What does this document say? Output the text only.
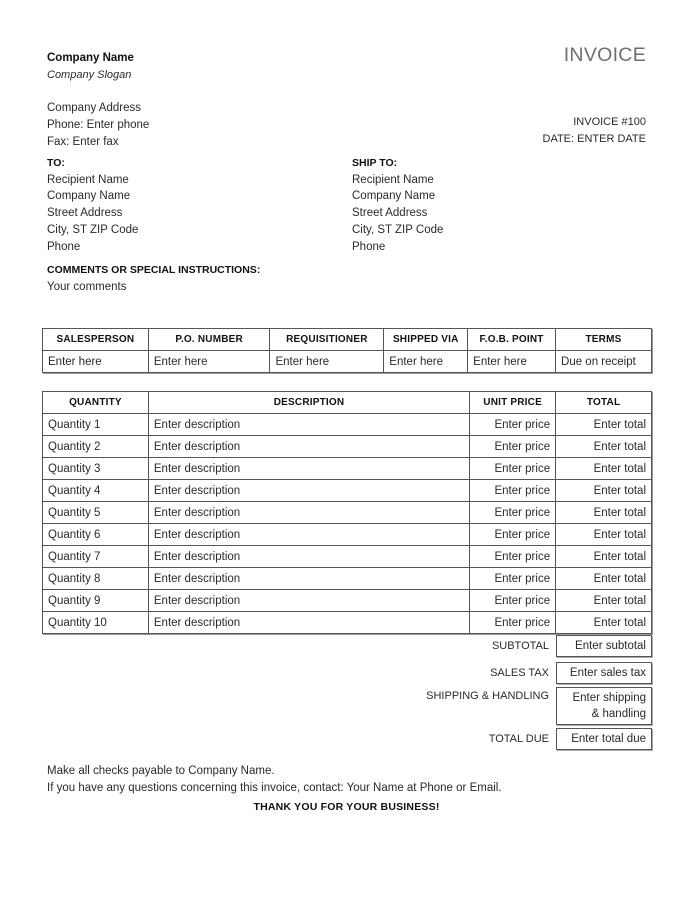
Company Name
Company Slogan
Company Address
Phone: Enter phone
Fax: Enter fax
INVOICE
INVOICE #100
DATE: ENTER DATE
TO:
Recipient Name
Company Name
Street Address
City, ST ZIP Code
Phone
SHIP TO:
Recipient Name
Company Name
Street Address
City, ST ZIP Code
Phone
COMMENTS OR SPECIAL INSTRUCTIONS:
Your comments
SALESPERSON	P.O. NUMBER	REQUISITIONER	SHIPPED VIA	F.O.B. POINT	TERMS
Enter here	Enter here	Enter here	Enter here	Enter here	Due on receipt
QUANTITY	DESCRIPTION	UNIT PRICE	TOTAL
Quantity 1	Enter description	Enter price	Enter total
Quantity 2	Enter description	Enter price	Enter total
Quantity 3	Enter description	Enter price	Enter total
Quantity 4	Enter description	Enter price	Enter total
Quantity 5	Enter description	Enter price	Enter total
Quantity 6	Enter description	Enter price	Enter total
Quantity 7	Enter description	Enter price	Enter total
Quantity 8	Enter description	Enter price	Enter total
Quantity 9	Enter description	Enter price	Enter total
Quantity 10	Enter description	Enter price	Enter total
SUBTOTAL	Enter subtotal
SALES TAX	Enter sales tax
SHIPPING & HANDLING	Enter shipping
& handling
TOTAL DUE	Enter total due
Make all checks payable to Company Name.
If you have any questions concerning this invoice, contact: Your Name at Phone or Email.
THANK YOU FOR YOUR BUSINESS!
